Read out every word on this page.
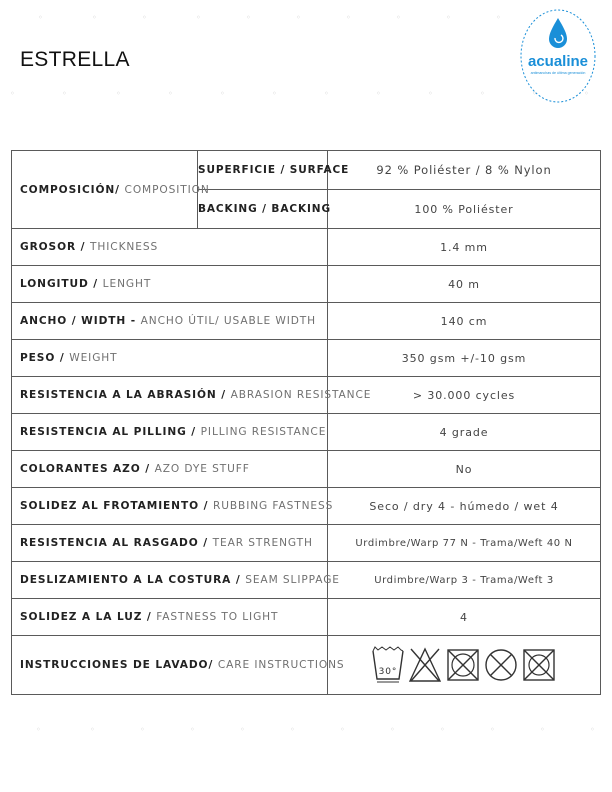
◦	◦	◦	◦	◦	◦	◦	◦	◦	◦
◦	◦	◦	◦	◦	◦	◦	◦	◦	◦	◦	◦
◦	◦	◦	◦	◦	◦	◦	◦	◦	◦	◦	◦
ESTRELLA	acualine
antimanchas de última generación
COMPOSICIÓN/ COMPOSITION	SUPERFICIE / SURFACE	92 % Poliéster / 8 % Nylon
	BACKING / BACKING	100 % Poliéster
GROSOR / THICKNESS		1.4 mm
LONGITUD / LENGHT		40 m
ANCHO / WIDTH - ANCHO ÚTIL/ USABLE WIDTH		140 cm
PESO / WEIGHT		350 gsm +/-10 gsm
RESISTENCIA A LA ABRASIÓN / ABRASION RESISTANCE		> 30.000 cycles
RESISTENCIA AL PILLING / PILLING RESISTANCE		4 grade
COLORANTES AZO / AZO DYE STUFF		No
SOLIDEZ AL FROTAMIENTO / RUBBING FASTNESS		Seco / dry 4 - húmedo / wet 4
RESISTENCIA AL RASGADO / TEAR STRENGTH		Urdimbre/Warp 77 N - Trama/Weft 40 N
DESLIZAMIENTO A LA COSTURA / SEAM SLIPPAGE		Urdimbre/Warp 3 - Trama/Weft 3
SOLIDEZ A LA LUZ / FASTNESS TO LIGHT		4
INSTRUCCIONES DE LAVADO/ CARE INSTRUCTIONS		30°
